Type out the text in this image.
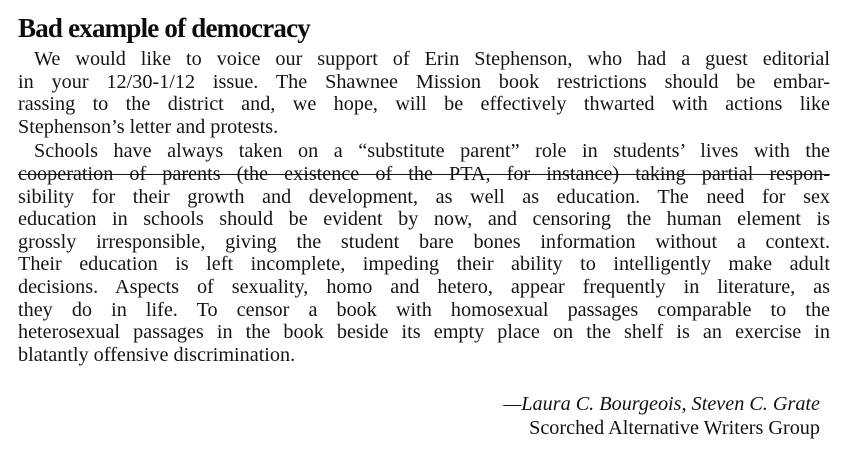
Bad example of democracy
We would like to voice our support of Erin Stephenson, who had a guest editorial
in your 12/30-1/12 issue. The Shawnee Mission book restrictions should be embar-
rassing to the district and, we hope, will be effectively thwarted with actions like
Stephenson’s letter and protests.
Schools have always taken on a “substitute parent” role in students’ lives with the
cooperation of parents (the existence of the PTA, for instance) taking partial respon-
sibility for their growth and development, as well as education. The need for sex
education in schools should be evident by now, and censoring the human element is
grossly irresponsible, giving the student bare bones information without a context.
Their education is left incomplete, impeding their ability to intelligently make adult
decisions. Aspects of sexuality, homo and hetero, appear frequently in literature, as
they do in life. To censor a book with homosexual passages comparable to the
heterosexual passages in the book beside its empty place on the shelf is an exercise in
blatantly offensive discrimination.
—Laura C. Bourgeois, Steven C. Grate
Scorched Alternative Writers Group
